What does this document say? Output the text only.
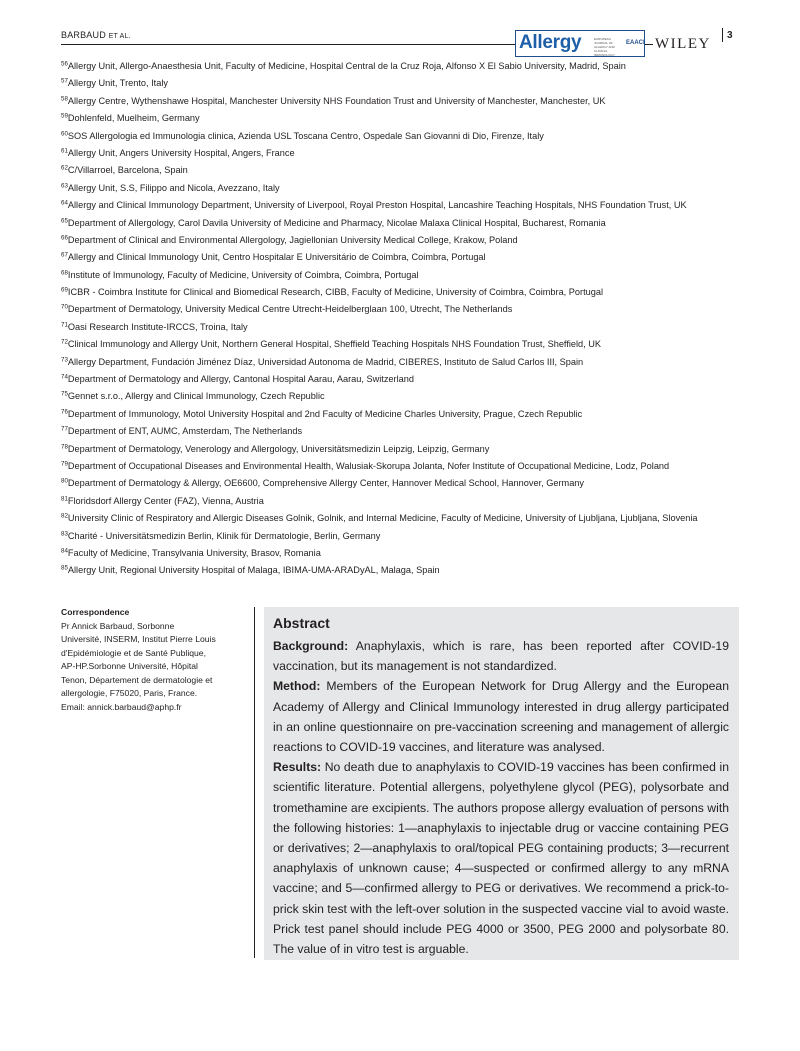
BARBAUD ET AL.	Allergy	EUROPEAN JOURNAL OF ALLERGY AND CLINICAL IMMUNOLOGY
EAACI WILEY
3
$^{56}$Allergy Unit, Allergo-Anaesthesia Unit, Faculty of Medicine, Hospital Central de la Cruz Roja, Alfonso X El Sabio University, Madrid, Spain
$^{57}$Allergy Unit, Trento, Italy
$^{58}$Allergy Centre, Wythenshawe Hospital, Manchester University NHS Foundation Trust and University of Manchester, Manchester, UK
$^{59}$Dohlenfeld, Muelheim, Germany
$^{60}$SOS Allergologia ed Immunologia clinica, Azienda USL Toscana Centro, Ospedale San Giovanni di Dio, Firenze, Italy
$^{61}$Allergy Unit, Angers University Hospital, Angers, France
$^{62}$C/Villarroel, Barcelona, Spain
$^{63}$Allergy Unit, S.S, Filippo and Nicola, Avezzano, Italy
$^{64}$Allergy and Clinical Immunology Department, University of Liverpool, Royal Preston Hospital, Lancashire Teaching Hospitals, NHS Foundation Trust, UK
$^{65}$Department of Allergology, Carol Davila University of Medicine and Pharmacy, Nicolae Malaxa Clinical Hospital, Bucharest, Romania
$^{66}$Department of Clinical and Environmental Allergology, Jagiellonian University Medical College, Krakow, Poland
$^{67}$Allergy and Clinical Immunology Unit, Centro Hospitalar E Universitário de Coimbra, Coimbra, Portugal
$^{68}$Institute of Immunology, Faculty of Medicine, University of Coimbra, Coimbra, Portugal
$^{69}$ICBR - Coimbra Institute for Clinical and Biomedical Research, CIBB, Faculty of Medicine, University of Coimbra, Coimbra, Portugal
$^{70}$Department of Dermatology, University Medical Centre Utrecht-Heidelberglaan 100, Utrecht, The Netherlands
$^{71}$Oasi Research Institute-IRCCS, Troina, Italy
$^{72}$Clinical Immunology and Allergy Unit, Northern General Hospital, Sheffield Teaching Hospitals NHS Foundation Trust, Sheffield, UK
$^{73}$Allergy Department, Fundación Jiménez Díaz, Universidad Autonoma de Madrid, CIBERES, Instituto de Salud Carlos III, Spain
$^{74}$Department of Dermatology and Allergy, Cantonal Hospital Aarau, Aarau, Switzerland
$^{75}$Gennet s.r.o., Allergy and Clinical Immunology, Czech Republic
$^{76}$Department of Immunology, Motol University Hospital and 2nd Faculty of Medicine Charles University, Prague, Czech Republic
$^{77}$Department of ENT, AUMC, Amsterdam, The Netherlands
$^{78}$Department of Dermatology, Venerology and Allergology, Universitätsmedizin Leipzig, Leipzig, Germany
$^{79}$Department of Occupational Diseases and Environmental Health, Walusiak-Skorupa Jolanta, Nofer Institute of Occupational Medicine, Lodz, Poland
$^{80}$Department of Dermatology & Allergy, OE6600, Comprehensive Allergy Center, Hannover Medical School, Hannover, Germany
$^{81}$Floridsdorf Allergy Center (FAZ), Vienna, Austria
$^{82}$University Clinic of Respiratory and Allergic Diseases Golnik, Golnik, and Internal Medicine, Faculty of Medicine, University of Ljubljana, Ljubljana, Slovenia
$^{83}$Charité - Universitätsmedizin Berlin, Klinik für Dermatologie, Berlin, Germany
$^{84}$Faculty of Medicine, Transylvania University, Brasov, Romania
$^{85}$Allergy Unit, Regional University Hospital of Malaga, IBIMA-UMA-ARADyAL, Malaga, Spain
Correspondence
Pr Annick Barbaud, Sorbonne
Université, INSERM, Institut Pierre Louis
d'Epidémiologie et de Santé Publique,
AP-HP.Sorbonne Université, Hôpital
Tenon, Département de dermatologie et
allergologie, F75020, Paris, France.
Email: annick.barbaud@aphp.fr
Abstract

Background: Anaphylaxis, which is rare, has been reported after COVID-19 vaccination, but its management is not standardized.

Method: Members of the European Network for Drug Allergy and the European Academy of Allergy and Clinical Immunology interested in drug allergy participated in an online questionnaire on pre-vaccination screening and management of allergic reactions to COVID-19 vaccines, and literature was analysed.

Results: No death due to anaphylaxis to COVID-19 vaccines has been confirmed in scientific literature. Potential allergens, polyethylene glycol (PEG), polysorbate and tromethamine are excipients. The authors propose allergy evaluation of persons with the following histories: 1—anaphylaxis to injectable drug or vaccine containing PEG or derivatives; 2—anaphylaxis to oral/topical PEG containing products; 3—recurrent anaphylaxis of unknown cause; 4—suspected or confirmed allergy to any mRNA vaccine; and 5—confirmed allergy to PEG or derivatives. We recommend a prick-to-prick skin test with the left-over solution in the suspected vaccine vial to avoid waste. Prick test panel should include PEG 4000 or 3500, PEG 2000 and polysorbate 80. The value of in vitro test is arguable.
